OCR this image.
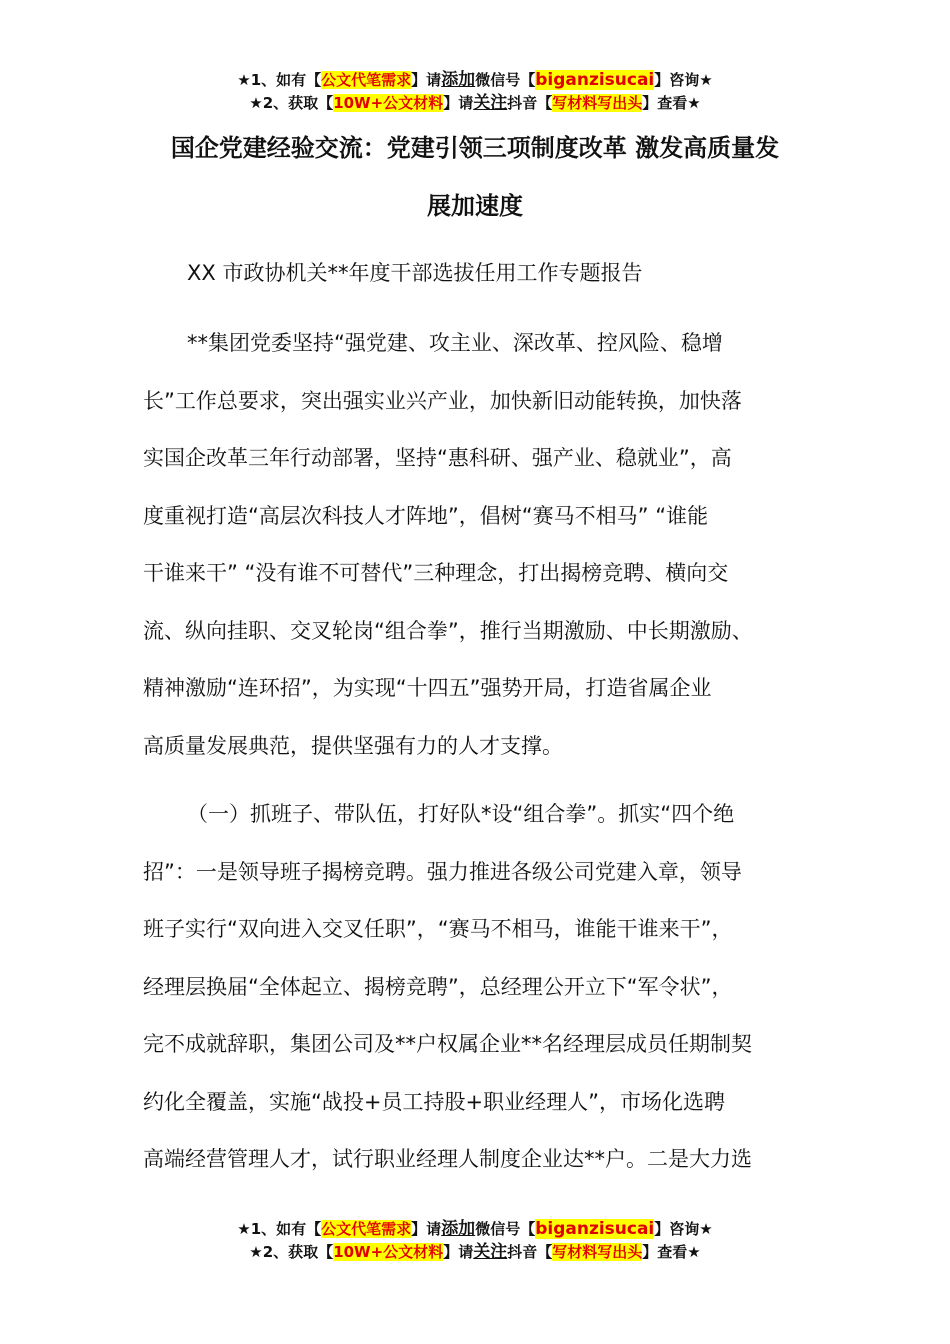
★1、如有【公文代笔需求】请添加微信号【biganzisucai】咨询★
★2、获取【10W+公文材料】请关注抖音【写材料写出头】查看★
国企党建经验交流：党建引领三项制度改革 激发高质量发
展加速度
XX 市政协机关**年度干部选拔任用工作专题报告
**集团党委坚持“强党建、攻主业、深改革、控风险、稳增
长”工作总要求，突出强实业兴产业，加快新旧动能转换，加快落
实国企改革三年行动部署，坚持“惠科研、强产业、稳就业”，高
度重视打造“高层次科技人才阵地”，倡树“赛马不相马” “谁能
干谁来干” “没有谁不可替代”三种理念，打出揭榜竞聘、横向交
流、纵向挂职、交叉轮岗“组合拳”，推行当期激励、中长期激励、
精神激励“连环招”，为实现“十四五”强势开局，打造省属企业
高质量发展典范，提供坚强有力的人才支撑。
（一）抓班子、带队伍，打好队*设“组合拳”。抓实“四个绝
招”：一是领导班子揭榜竞聘。强力推进各级公司党建入章，领导
班子实行“双向进入交叉任职”，“赛马不相马，谁能干谁来干”，
经理层换届“全体起立、揭榜竞聘”，总经理公开立下“军令状”，
完不成就辞职，集团公司及**户权属企业**名经理层成员任期制契
约化全覆盖，实施“战投+员工持股+职业经理人”，市场化选聘
高端经营管理人才，试行职业经理人制度企业达**户。二是大力选
★1、如有【公文代笔需求】请添加微信号【biganzisucai】咨询★
★2、获取【10W+公文材料】请关注抖音【写材料写出头】查看★
